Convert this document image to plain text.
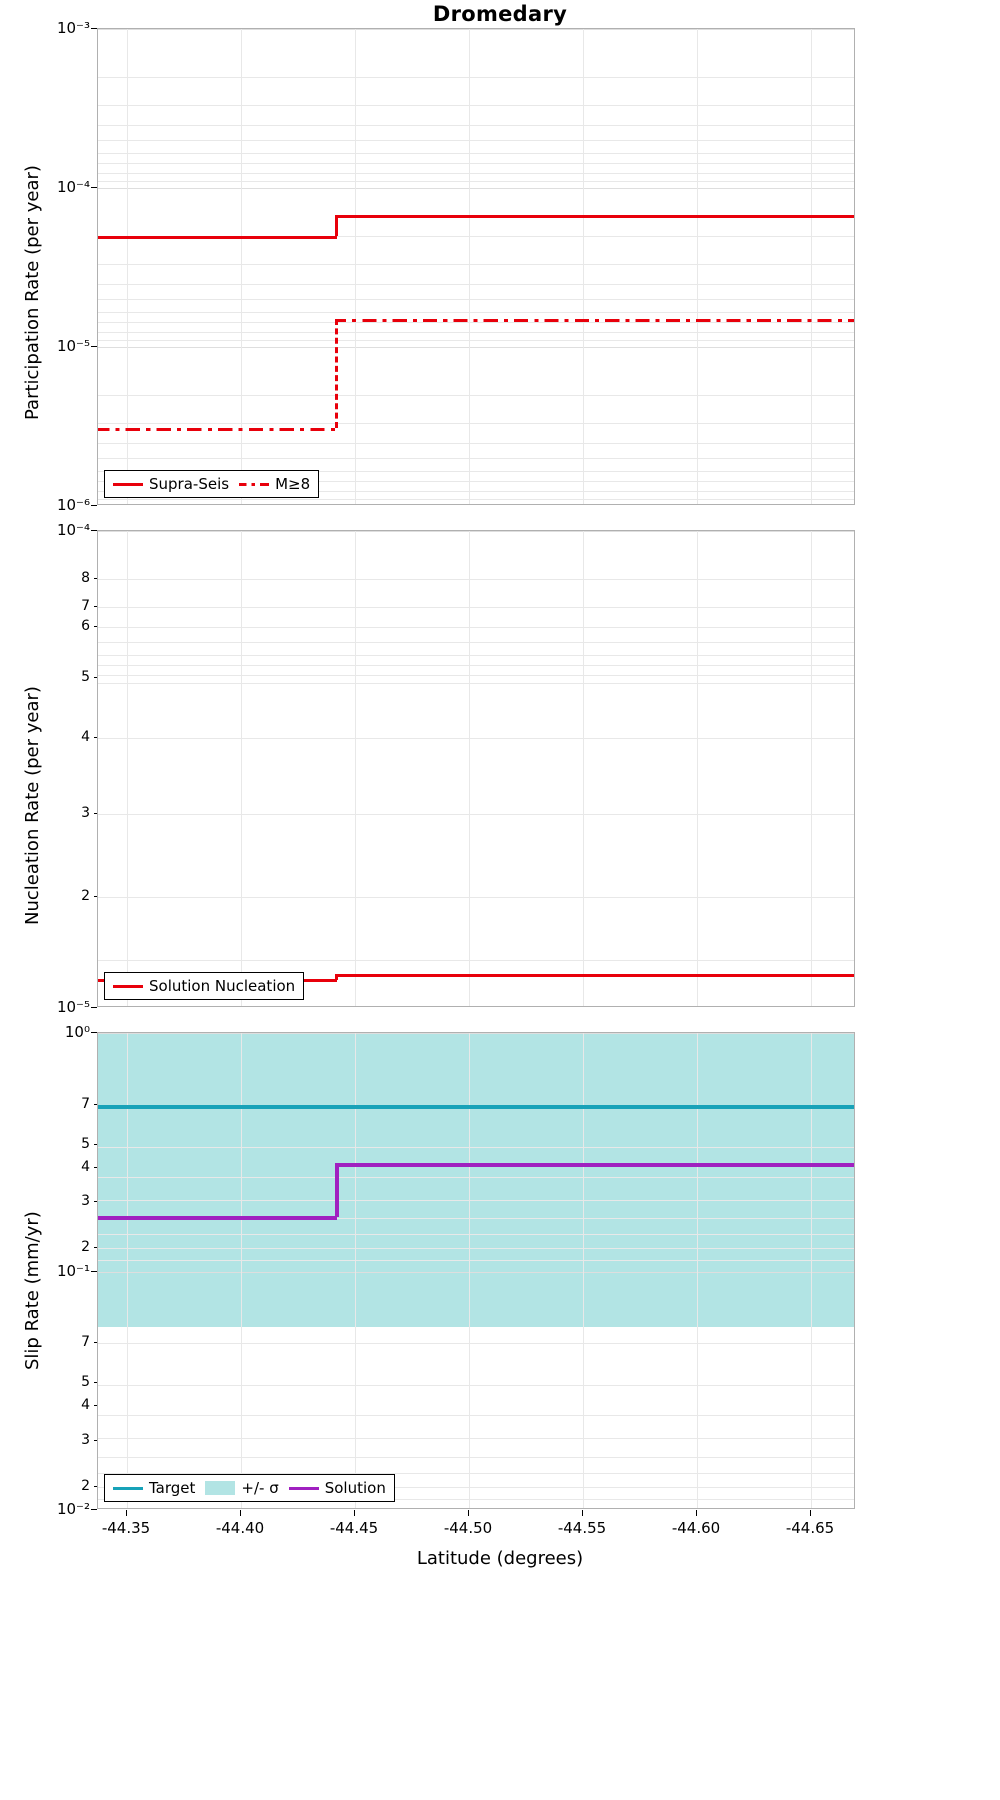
Dromedary
Supra-Seis	M≥8
10⁻³
10⁻⁴
10⁻⁵
10⁻⁶
Participation Rate (per year)
Solution Nucleation
10⁻⁴
10⁻⁵
8
7
6
5
4
3
2
Nucleation Rate (per year)
Target	+/- σ	Solution
10⁰
10⁻¹
10⁻²
7
5
4
3
2
7
5
4
3
2
Slip Rate (mm/yr)
-44.35	-44.40	-44.45	-44.50	-44.55	-44.60	-44.65
Latitude (degrees)
